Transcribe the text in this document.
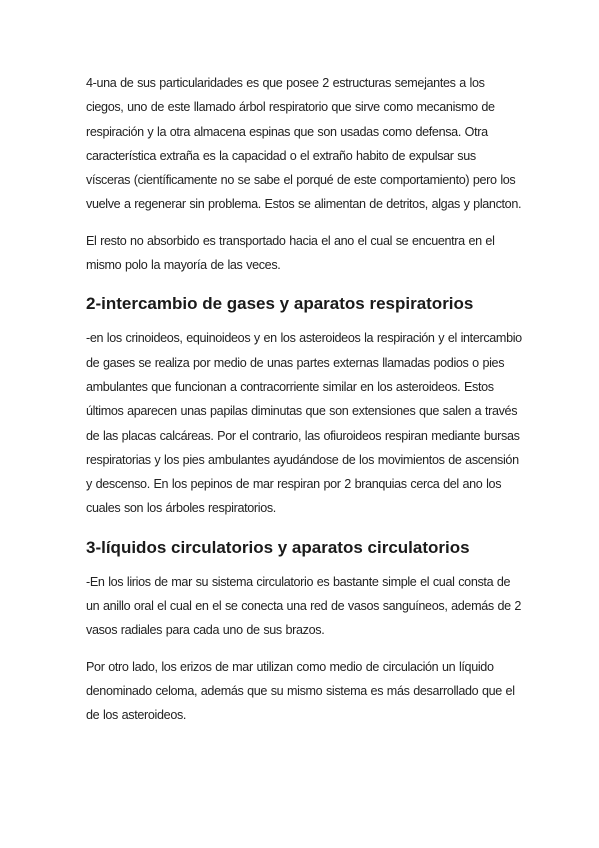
4-una de sus particularidades es que posee 2 estructuras semejantes a los ciegos, uno de este llamado árbol respiratorio que sirve como mecanismo de respiración y la otra almacena espinas que son usadas como defensa. Otra característica extraña es la capacidad o el extraño habito de expulsar sus vísceras (científicamente no se sabe el porqué de este comportamiento) pero los vuelve a regenerar sin problema. Estos se alimentan de detritos, algas y plancton.

El resto no absorbido es transportado hacia el ano el cual se encuentra en el mismo polo la mayoría de las veces.

2-intercambio de gases y aparatos respiratorios

-en los crinoideos, equinoideos y en los asteroideos la respiración y el intercambio de gases se realiza por medio de unas partes externas llamadas podios o pies ambulantes que funcionan a contracorriente similar en los asteroideos. Estos últimos aparecen unas papilas diminutas que son extensiones que salen a través de las placas calcáreas. Por el contrario, las ofiuroideos respiran mediante bursas respiratorias y los pies ambulantes ayudándose de los movimientos de ascensión y descenso. En los pepinos de mar respiran por 2 branquias cerca del ano los cuales son los árboles respiratorios.

3-líquidos circulatorios y aparatos circulatorios

-En los lirios de mar su sistema circulatorio es bastante simple el cual consta de un anillo oral el cual en el se conecta una red de vasos sanguíneos, además de 2 vasos radiales para cada uno de sus brazos.

Por otro lado, los erizos de mar utilizan como medio de circulación un líquido denominado celoma, además que su mismo sistema es más desarrollado que el de los asteroideos.
